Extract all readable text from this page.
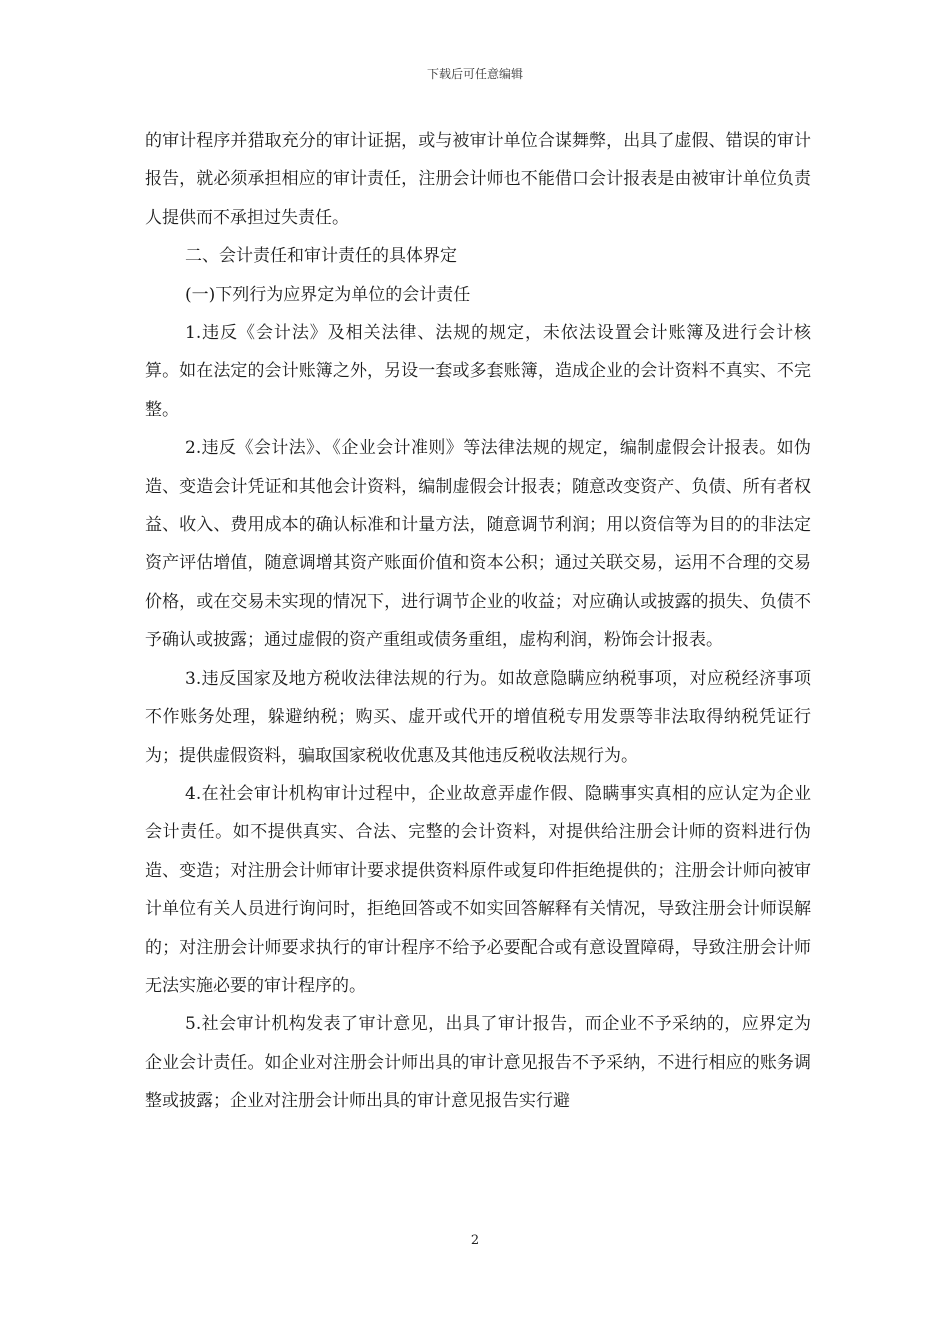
下载后可任意编辑

的审计程序并猎取充分的审计证据，或与被审计单位合谋舞弊，出具了虚假、错误的审计报告，就必须承担相应的审计责任，注册会计师也不能借口会计报表是由被审计单位负责人提供而不承担过失责任。

二、会计责任和审计责任的具体界定

(一)下列行为应界定为单位的会计责任

1.违反《会计法》及相关法律、法规的规定，未依法设置会计账簿及进行会计核算。如在法定的会计账簿之外，另设一套或多套账簿，造成企业的会计资料不真实、不完整。

2.违反《会计法》、《企业会计准则》等法律法规的规定，编制虚假会计报表。如伪造、变造会计凭证和其他会计资料，编制虚假会计报表；随意改变资产、负债、所有者权益、收入、费用成本的确认标准和计量方法，随意调节利润；用以资信等为目的的非法定资产评估增值，随意调增其资产账面价值和资本公积；通过关联交易，运用不合理的交易价格，或在交易未实现的情况下，进行调节企业的收益；对应确认或披露的损失、负债不予确认或披露；通过虚假的资产重组或债务重组，虚构利润，粉饰会计报表。

3.违反国家及地方税收法律法规的行为。如故意隐瞒应纳税事项，对应税经济事项不作账务处理，躲避纳税；购买、虚开或代开的增值税专用发票等非法取得纳税凭证行为；提供虚假资料，骗取国家税收优惠及其他违反税收法规行为。

4.在社会审计机构审计过程中，企业故意弄虚作假、隐瞒事实真相的应认定为企业会计责任。如不提供真实、合法、完整的会计资料，对提供给注册会计师的资料进行伪造、变造；对注册会计师审计要求提供资料原件或复印件拒绝提供的；注册会计师向被审计单位有关人员进行询问时，拒绝回答或不如实回答解释有关情况，导致注册会计师误解的；对注册会计师要求执行的审计程序不给予必要配合或有意设置障碍，导致注册会计师无法实施必要的审计程序的。

5.社会审计机构发表了审计意见，出具了审计报告，而企业不予采纳的，应界定为企业会计责任。如企业对注册会计师出具的审计意见报告不予采纳，不进行相应的账务调整或披露；企业对注册会计师出具的审计意见报告实行避

2
